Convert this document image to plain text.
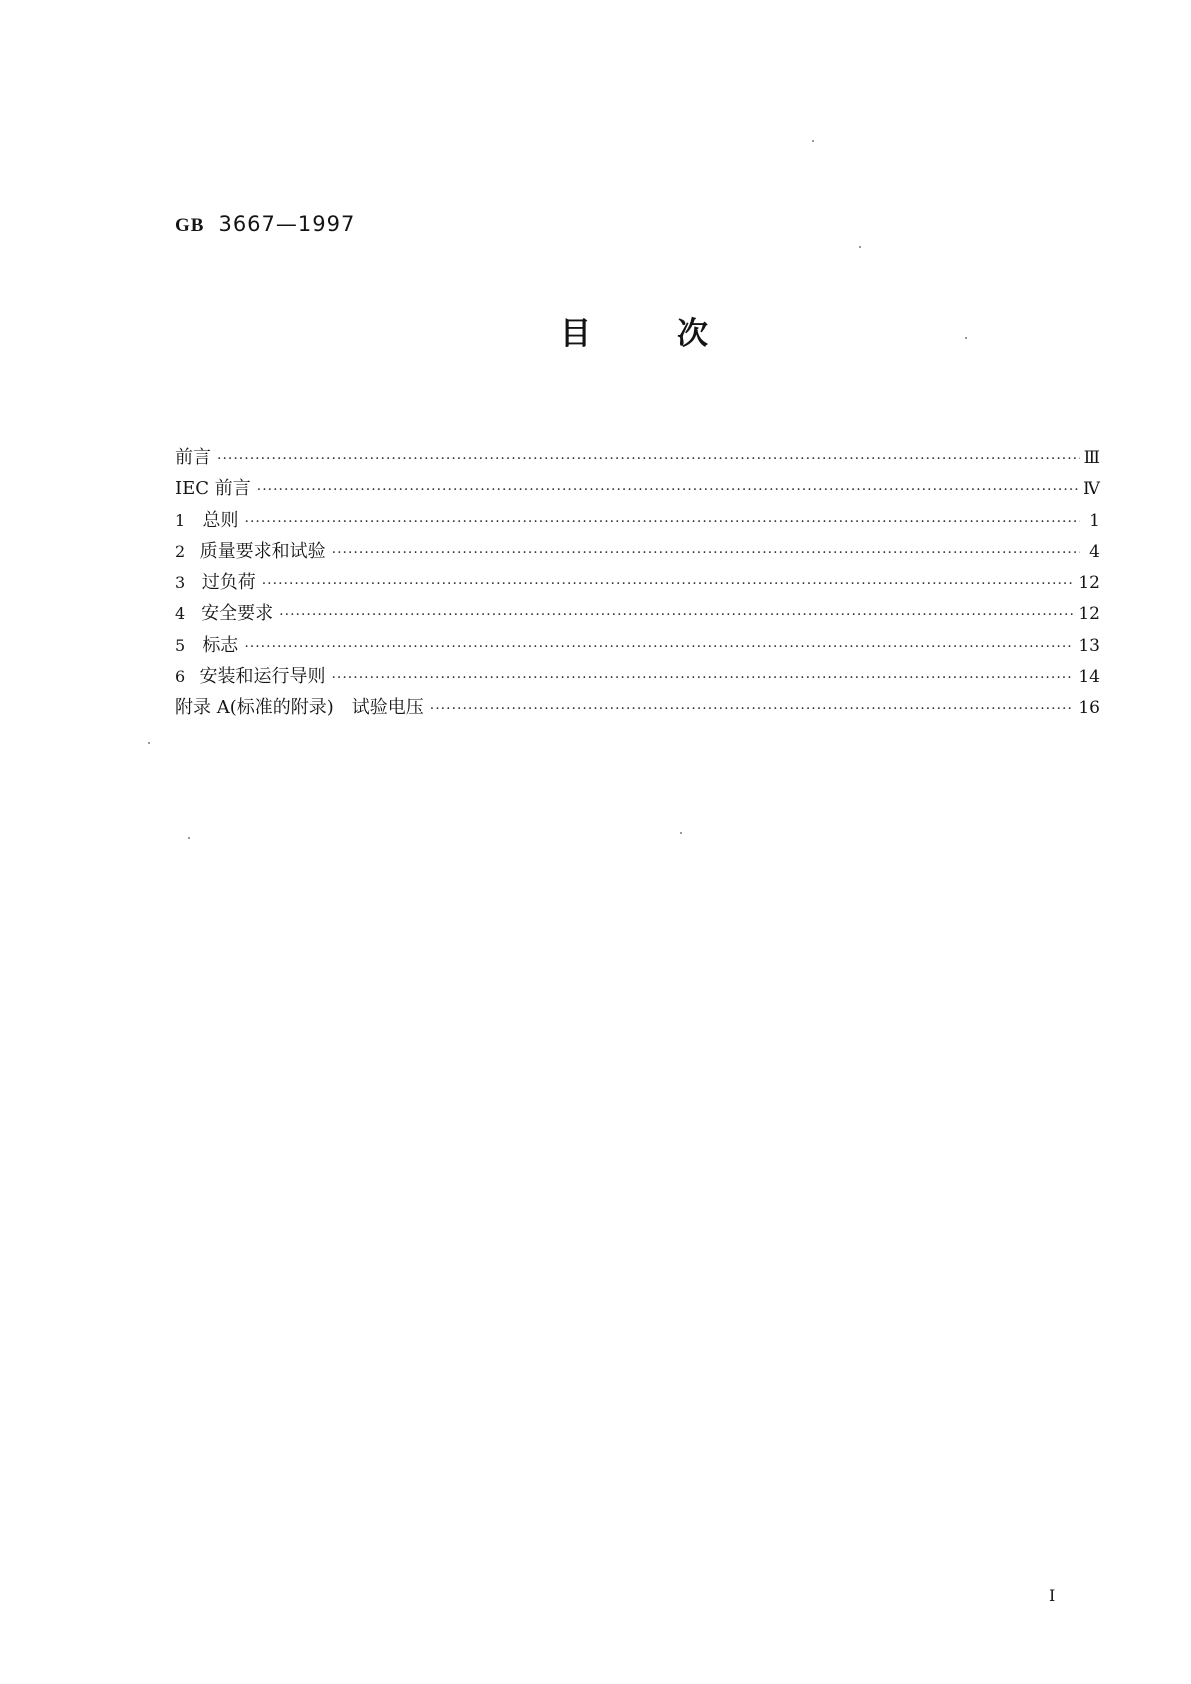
GB 3667—1997
目	次
前言 ·····	Ⅲ
IEC 前言 ·····	Ⅳ
1 总则 ·····	1
2 质量要求和试验 ·····	4
3 过负荷 ·····	12
4 安全要求 ·····	12
5 标志 ·····	13
6 安装和运行导则 ·····	14
附录 A(标准的附录)　试验电压 ·····	16
I
